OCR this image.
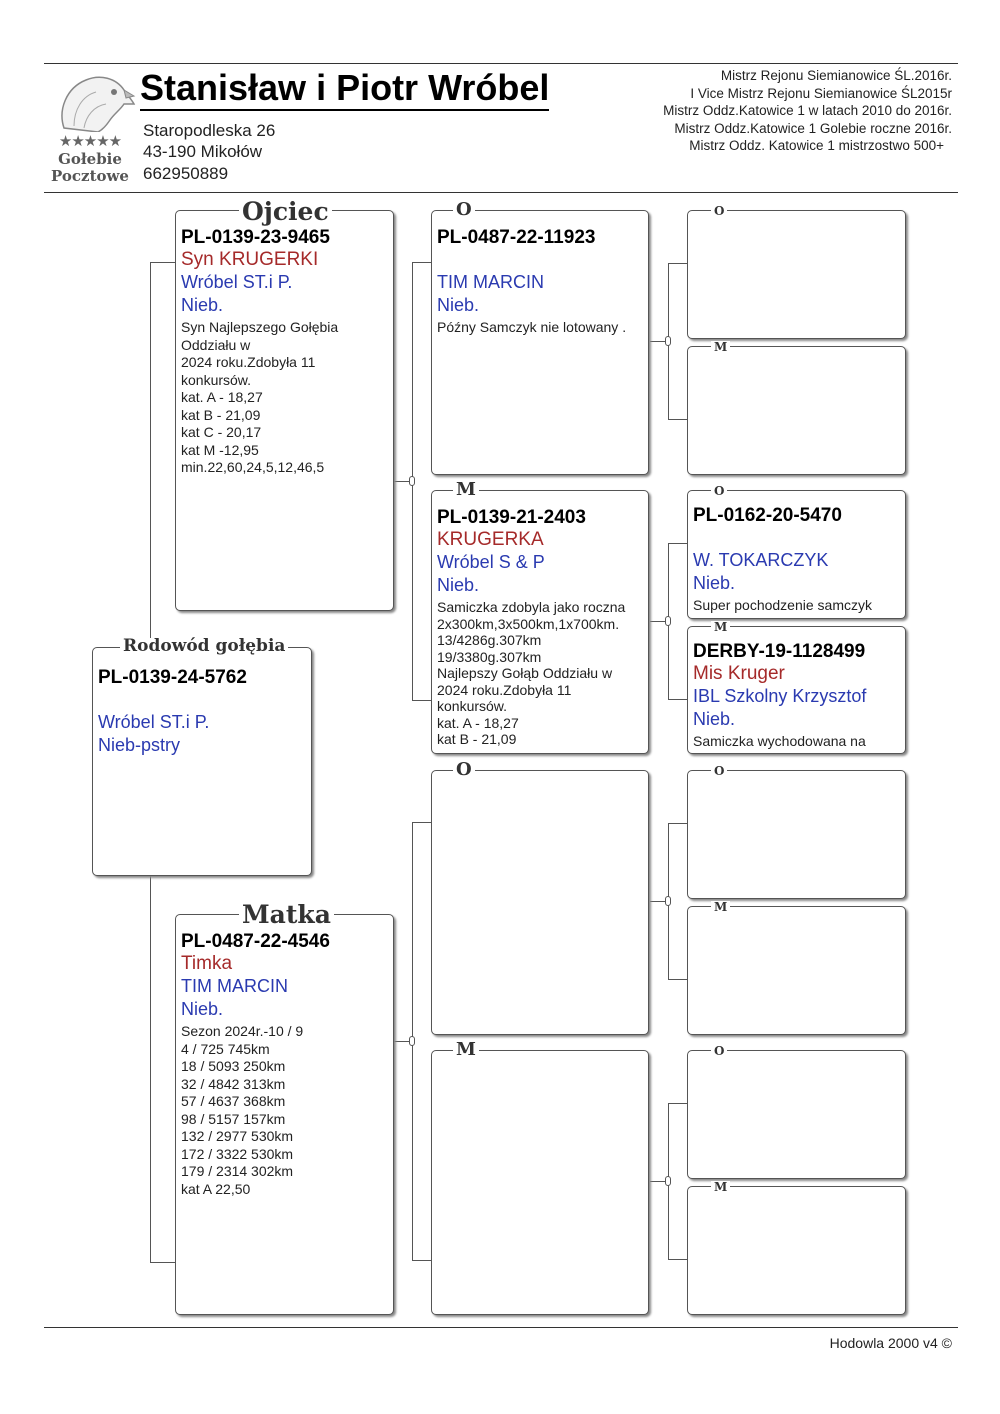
★★★★★
Gołebie
Pocztowe
Stanisław i Piotr Wróbel
Staropodleska 26
43-190 Mikołów
662950889
Mistrz Rejonu Siemianowice ŚL.2016r.
I Vice Mistrz Rejonu Siemianowice ŚL2015r
Mistrz Oddz.Katowice 1 w latach 2010 do 2016r.
Mistrz Oddz.Katowice 1 Golebie roczne 2016r.
Mistrz Oddz. Katowice 1 mistrzostwo 500+
PL-0139-24-5762
Wróbel ST.i P.
Nieb-pstry
Rodowód gołębia
PL-0139-23-9465
Syn KRUGERKI
Wróbel ST.i P.
Nieb.
Syn Najlepszego Gołębia
Oddziału w
2024 roku.Zdobyła 11
konkursów.
kat. A - 18,27
kat B - 21,09
kat C - 20,17
kat M -12,95
min.22,60,24,5,12,46,5
Ojciec
PL-0487-22-4546
Timka
TIM MARCIN
Nieb.
Sezon 2024r.-10 / 9
4 / 725 745km
18 / 5093 250km
32 / 4842 313km
57 / 4637 368km
98 / 5157 157km
132 / 2977 530km
172 / 3322 530km
179 / 2314 302km
kat A 22,50
Matka
PL-0487-22-11923
TIM MARCIN
Nieb.
Późny Samczyk nie lotowany .
O
PL-0139-21-2403
KRUGERKA
Wróbel S & P
Nieb.
Samiczka zdobyla jako roczna
2x300km,3x500km,1x700km.
13/4286g.307km
19/3380g.307km
Najlepszy Gołąb Oddziału w
2024 roku.Zdobyła 11
konkursów.
kat. A - 18,27
kat B - 21,09
M
O
M
O
M
PL-0162-20-5470
W. TOKARCZYK
Nieb.
Super pochodzenie samczyk
O
DERBY-19-1128499
Mis Kruger
IBL Szkolny Krzysztof
Nieb.
Samiczka wychodowana na
M
O
M
O
M
Hodowla 2000 v4 ©
